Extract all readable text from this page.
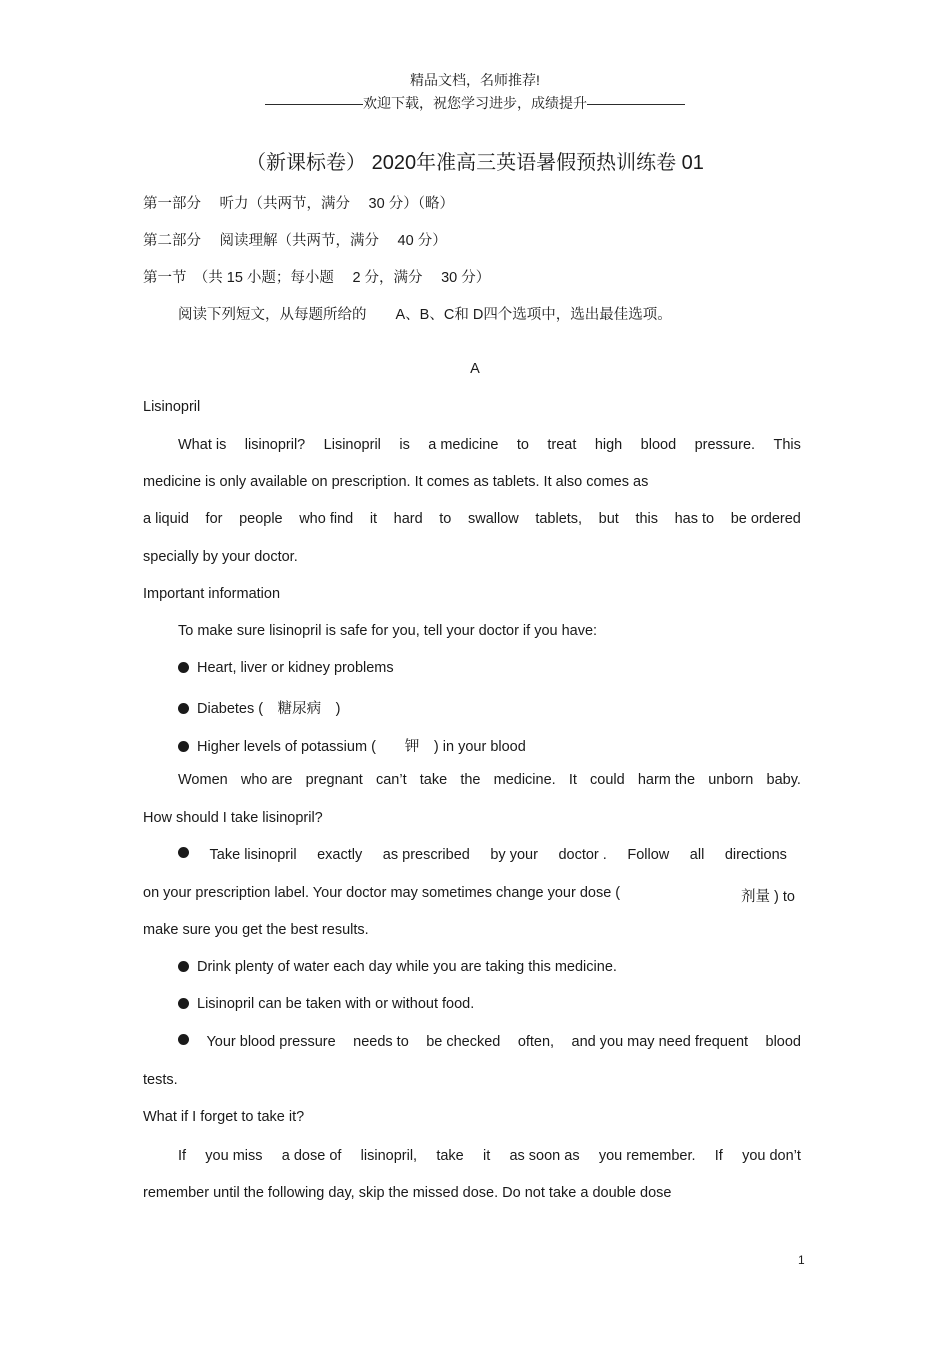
精品文档，名师推荐!
———————欢迎下载，祝您学习进步，成绩提升———————
（新课标卷） 2020年准高三英语暑假预热训练卷 01
第一部分　 听力（共两节，满分　 30 分）（略）
第二部分　 阅读理解（共两节，满分　 40 分）
第一节　（共 15 小题；每小题　 2 分，满分　 30 分）
阅读下列短文，从每题所给的　　A、B、C和 D四个选项中，选出最佳选项。
A
Lisinopril
What is lisinopril? Lisinopril is a medicine to treat high blood pressure. This
medicine is only available on prescription. It comes as tablets. It also comes as
a liquid for people who find it hard to swallow tablets, but this has to be ordered
specially by your doctor.
Important information
To make sure lisinopril is safe for you, tell your doctor if you have:
Heart, liver or kidney problems
Diabetes (　糖尿病　)
Higher levels of potassium (　　钾　) in your blood
Women who are pregnant can’t take the medicine. It could harm the unborn baby.
How should I take lisinopril?
Take lisinopril exactly as prescribed by your doctor . Follow all directions
on your prescription label. Your doctor may sometimes change your dose (	剂量 ) to
make sure you get the best results.
Drink plenty of water each day while you are taking this medicine.
Lisinopril can be taken with or without food.
Your blood pressure needs to be checked often, and you may need frequent blood
tests.
What if I forget to take it?
If you miss a dose of lisinopril, take it as soon as you remember. If you don’t
remember until the following day, skip the missed dose. Do not take a double dose
1
